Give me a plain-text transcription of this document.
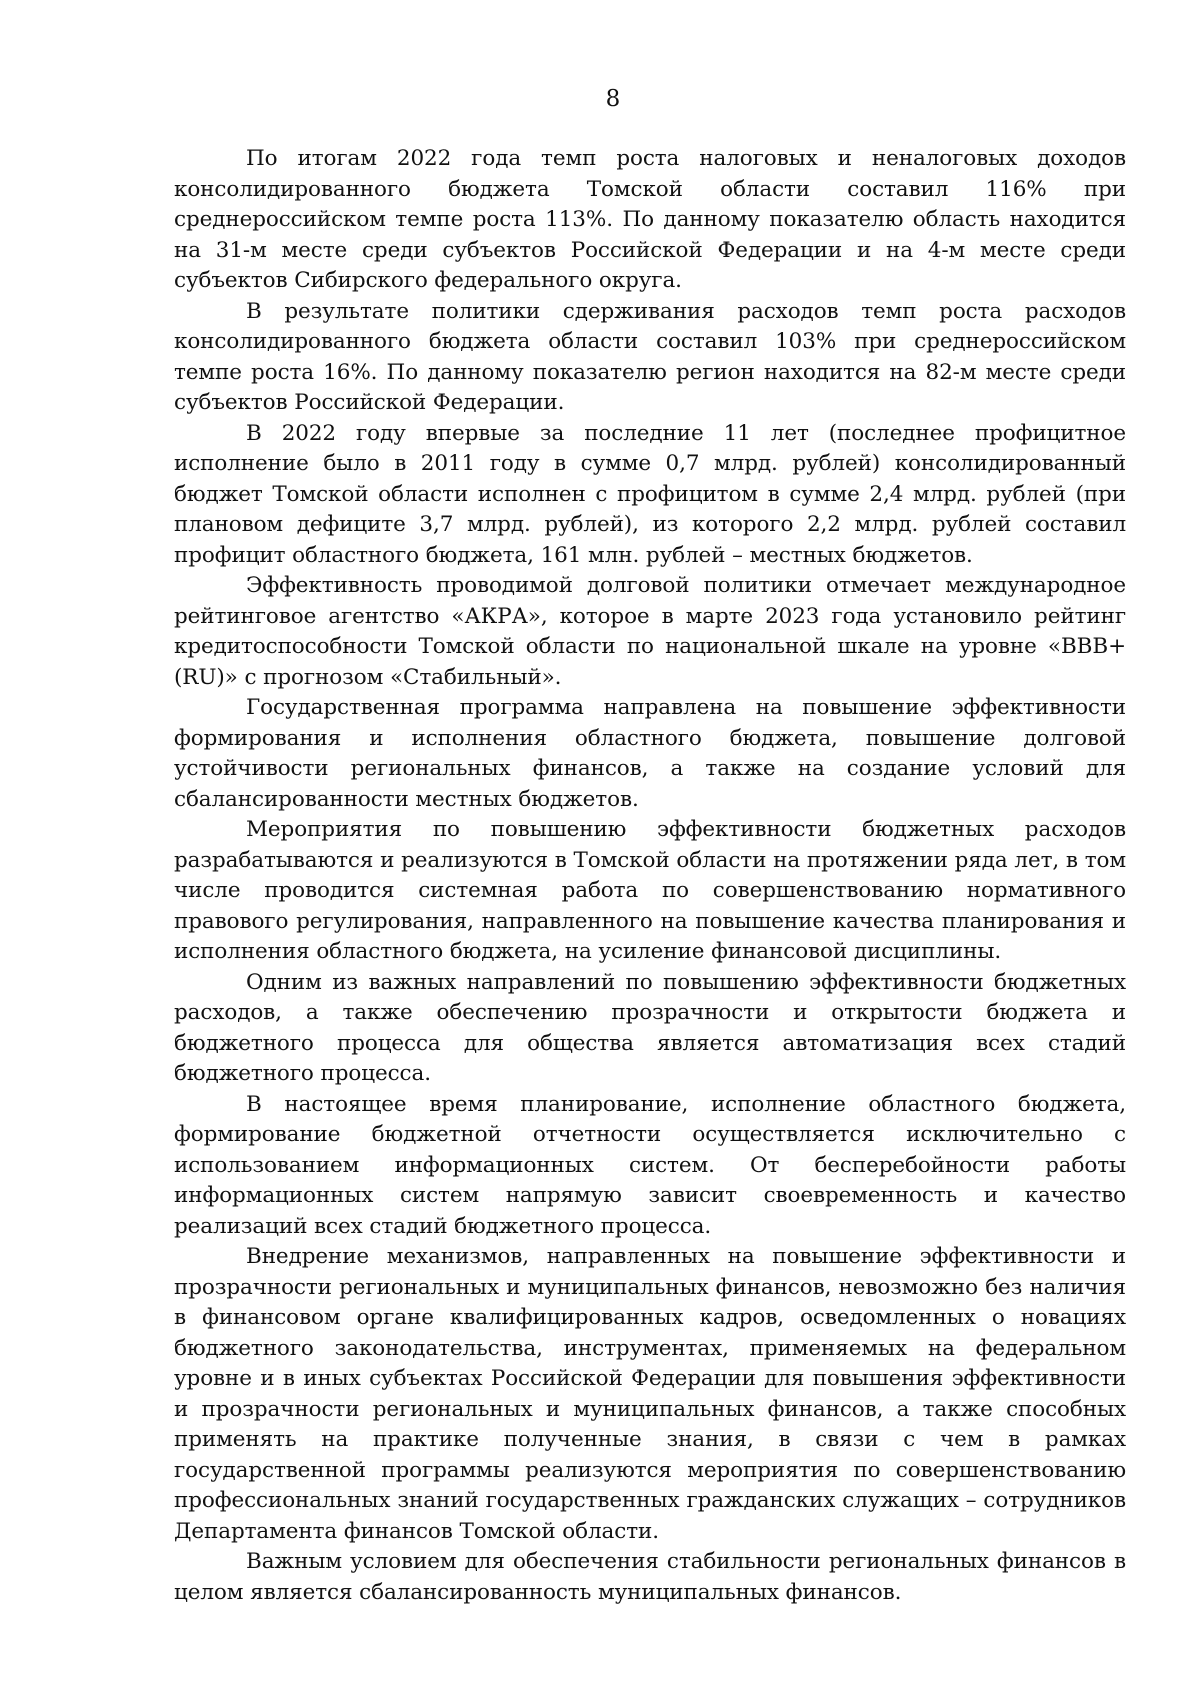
8

По итогам 2022 года темп роста налоговых и неналоговых доходов консолидированного бюджета Томской области составил 116% при среднероссийском темпе роста 113%. По данному показателю область находится на 31-м месте среди субъектов Российской Федерации и на 4-м месте среди субъектов Сибирского федерального округа.

В результате политики сдерживания расходов темп роста расходов консолидированного бюджета области составил 103% при среднероссийском темпе роста 16%. По данному показателю регион находится на 82-м месте среди субъектов Российской Федерации.

В 2022 году впервые за последние 11 лет (последнее профицитное исполнение было в 2011 году в сумме 0,7 млрд. рублей) консолидированный бюджет Томской области исполнен с профицитом в сумме 2,4 млрд. рублей (при плановом дефиците 3,7 млрд. рублей), из которого 2,2 млрд. рублей составил профицит областного бюджета, 161 млн. рублей – местных бюджетов.

Эффективность проводимой долговой политики отмечает международное рейтинговое агентство «АКРА», которое в марте 2023 года установило рейтинг кредитоспособности Томской области по национальной шкале на уровне «BBB+(RU)» с прогнозом «Стабильный».

Государственная программа направлена на повышение эффективности формирования и исполнения областного бюджета, повышение долговой устойчивости региональных финансов, а также на создание условий для сбалансированности местных бюджетов.

Мероприятия по повышению эффективности бюджетных расходов разрабатываются и реализуются в Томской области на протяжении ряда лет, в том числе проводится системная работа по совершенствованию нормативного правового регулирования, направленного на повышение качества планирования и исполнения областного бюджета, на усиление финансовой дисциплины.

Одним из важных направлений по повышению эффективности бюджетных расходов, а также обеспечению прозрачности и открытости бюджета и бюджетного процесса для общества является автоматизация всех стадий бюджетного процесса.

В настоящее время планирование, исполнение областного бюджета, формирование бюджетной отчетности осуществляется исключительно с использованием информационных систем. От бесперебойности работы информационных систем напрямую зависит своевременность и качество реализаций всех стадий бюджетного процесса.

Внедрение механизмов, направленных на повышение эффективности и прозрачности региональных и муниципальных финансов, невозможно без наличия в финансовом органе квалифицированных кадров, осведомленных о новациях бюджетного законодательства, инструментах, применяемых на федеральном уровне и в иных субъектах Российской Федерации для повышения эффективности и прозрачности региональных и муниципальных финансов, а также способных применять на практике полученные знания, в связи с чем в рамках государственной программы реализуются мероприятия по совершенствованию профессиональных знаний государственных гражданских служащих – сотрудников Департамента финансов Томской области.

Важным условием для обеспечения стабильности региональных финансов в целом является сбалансированность муниципальных финансов.
